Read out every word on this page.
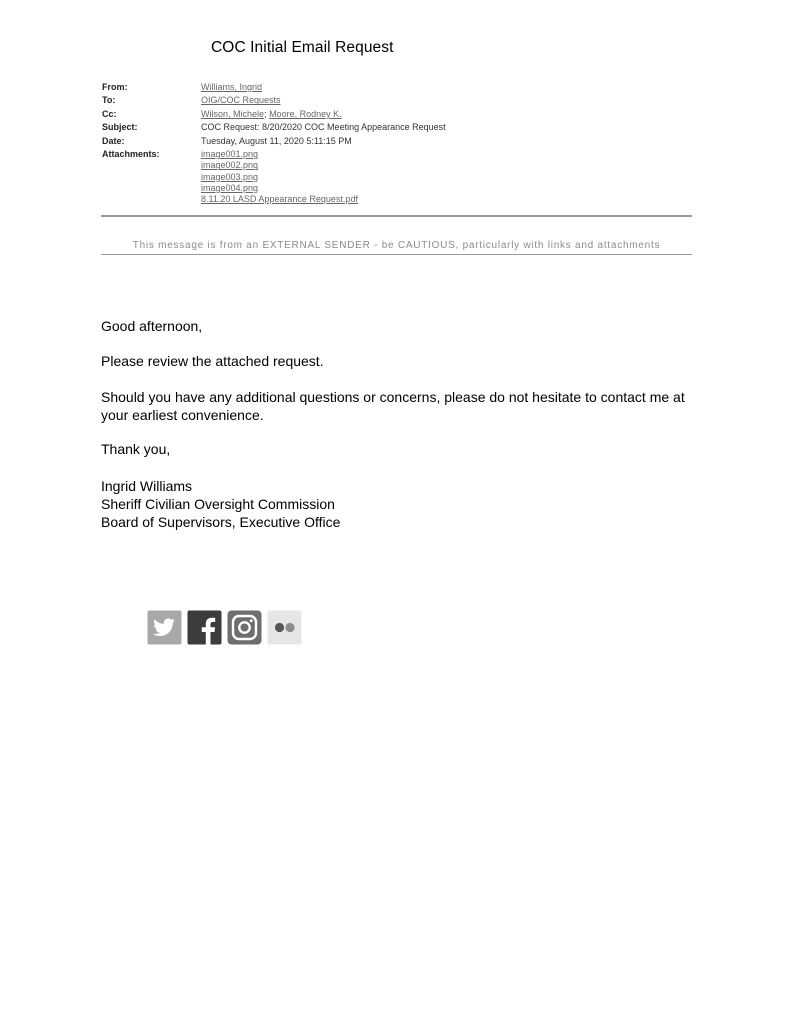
COC Initial Email Request
From:	Williams, Ingrid
To:	OIG/COC Requests
Cc:	Wilson, Michele; Moore, Rodney K.
Subject:	COC Request: 8/20/2020 COC Meeting Appearance Request
Date:	Tuesday, August 11, 2020 5:11:15 PM
Attachments:	image001.png
image002.png
image003.png
image004.png
8.11.20 LASD Appearance Request.pdf
This message is from an EXTERNAL SENDER - be CAUTIOUS, particularly with links and attachments

Good afternoon,

Please review the attached request.

Should you have any additional questions or concerns, please do not hesitate to contact me at your earliest convenience.

Thank you,

Ingrid Williams
Sheriff Civilian Oversight Commission
Board of Supervisors, Executive Office
